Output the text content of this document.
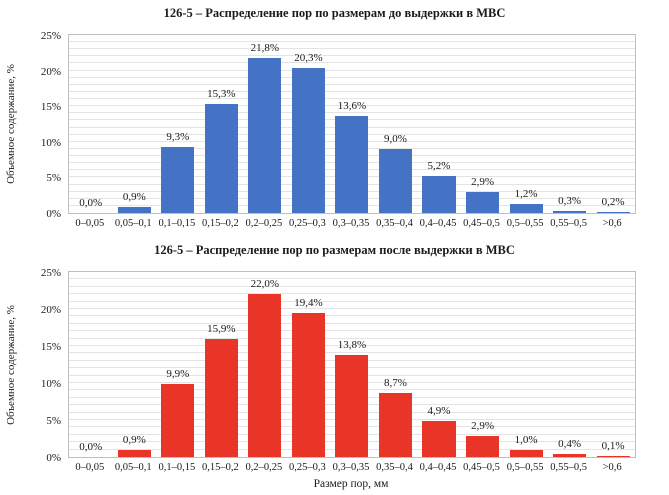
126-5 – Распределение пор по размерам до выдержки в МВС
Объемное содержание, %
0%
5%
10%
15%
20%
25%
0,0%
0,9%
9,3%
15,3%
21,8%
20,3%
13,6%
9,0%
5,2%
2,9%
1,2%
0,3% 0,2%
0–0,05	0,05–0,1 0,1–0,15 0,15–0,2 0,2–0,25 0,25–0,3 0,3–0,35 0,35–0,4 0,4–0,45 0,45–0,5 0,5–0,55 0,55–0,5	>0,6
126-5 – Распределение пор по размерам после выдержки в МВС
Объемное содержание, %
0%
5%
10%
15%
20%
25%
0,0%
0,9%
9,9%
15,9%
22,0%
19,4%
13,8%
8,7%
4,9%
2,9%
1,0% 0,4% 0,1%
0–0,05	0,05–0,1 0,1–0,15 0,15–0,2 0,2–0,25 0,25–0,3 0,3–0,35 0,35–0,4 0,4–0,45 0,45–0,5 0,5–0,55 0,55–0,5	>0,6
Размер пор, мм
